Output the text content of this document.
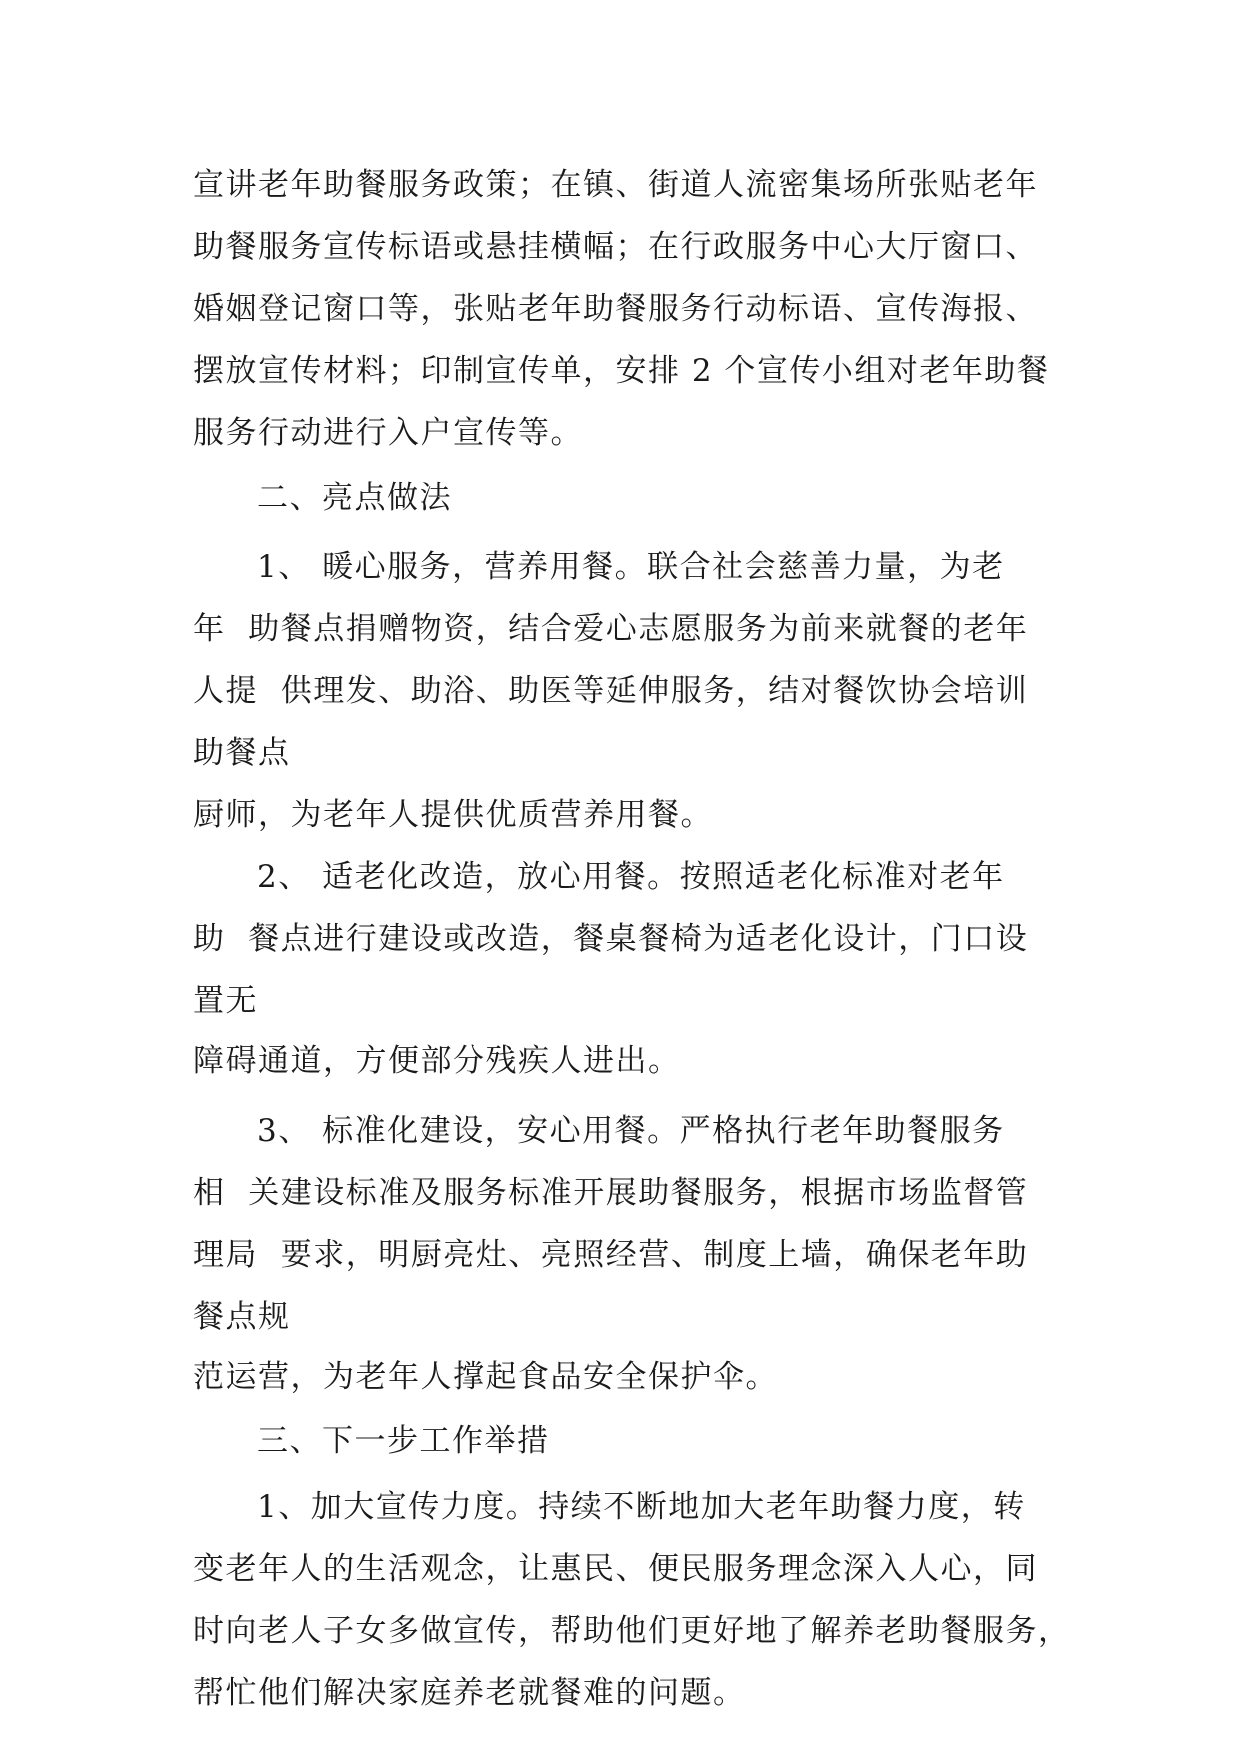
宣讲老年助餐服务政策；在镇、街道人流密集场所张贴老年

助餐服务宣传标语或悬挂横幅；在行政服务中心大厅窗口、

婚姻登记窗口等，张贴老年助餐服务行动标语、宣传海报、

摆放宣传材料；印制宣传单，安排 2 个宣传小组对老年助餐

服务行动进行入户宣传等。

二、亮点做法

1、 暖心服务，营养用餐。联合社会慈善力量，为老

年  助餐点捐赠物资，结合爱心志愿服务为前来就餐的老年

人提  供理发、助浴、助医等延伸服务，结对餐饮协会培训

助餐点

厨师，为老年人提供优质营养用餐。

2、 适老化改造，放心用餐。按照适老化标准对老年

助  餐点进行建设或改造，餐桌餐椅为适老化设计，门口设

置无

障碍通道，方便部分残疾人进出。

3、 标准化建设，安心用餐。严格执行老年助餐服务

相  关建设标准及服务标准开展助餐服务，根据市场监督管

理局  要求，明厨亮灶、亮照经营、制度上墙，确保老年助

餐点规

范运营，为老年人撑起食品安全保护伞。

三、下一步工作举措

1、加大宣传力度。持续不断地加大老年助餐力度，转

变老年人的生活观念，让惠民、便民服务理念深入人心，同

时向老人子女多做宣传，帮助他们更好地了解养老助餐服务，

帮忙他们解决家庭养老就餐难的问题。
